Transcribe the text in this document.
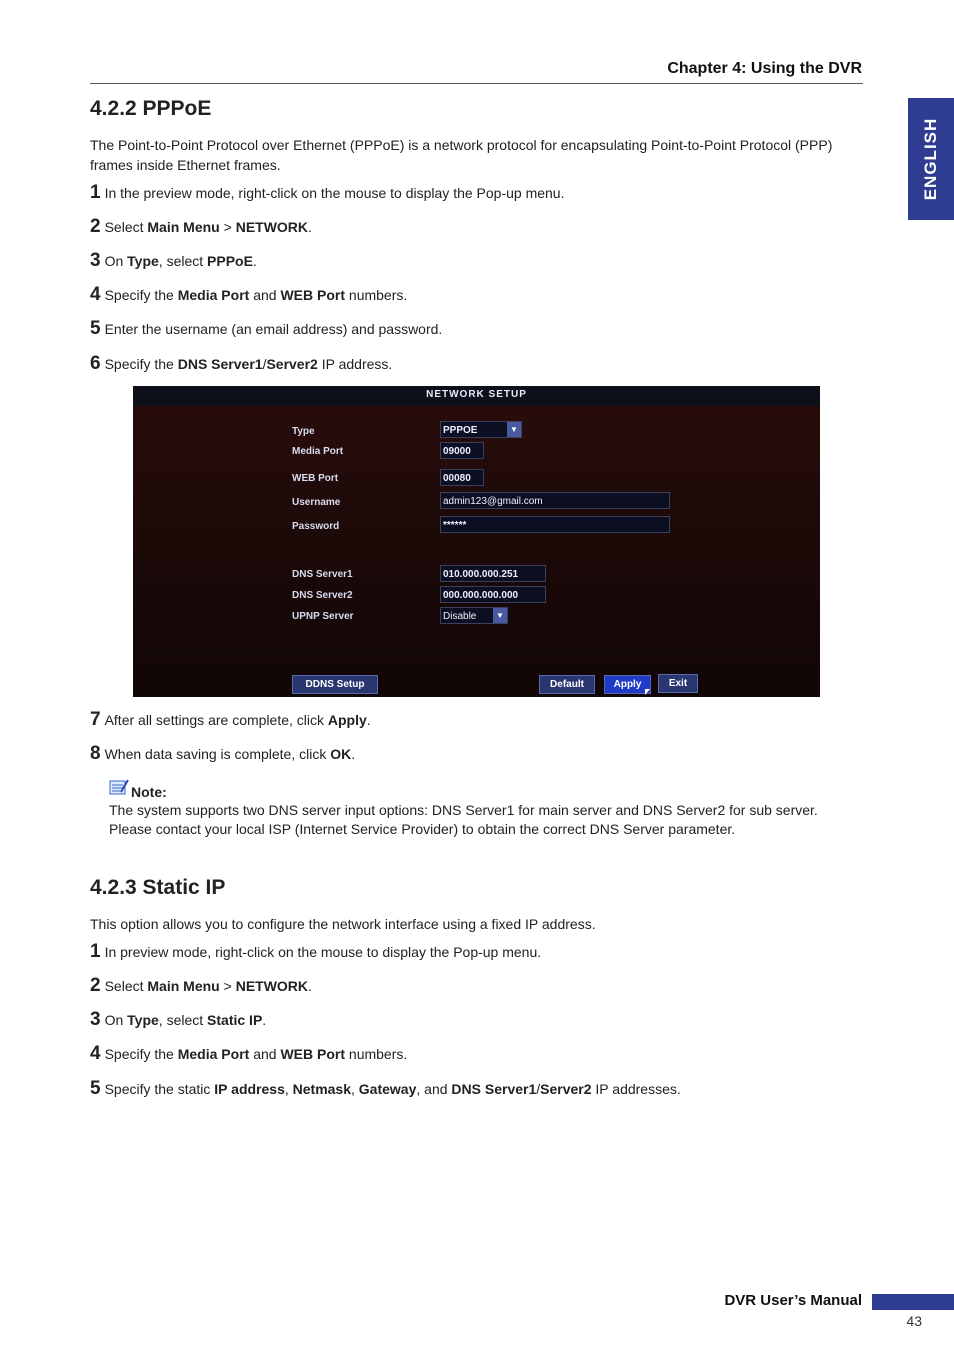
Chapter 4: Using the DVR
ENGLISH
4.2.2 PPPoE
The Point-to-Point Protocol over Ethernet (PPPoE) is a network protocol for encapsulating Point-to-Point Protocol (PPP) frames inside Ethernet frames.
1 In the preview mode, right-click on the mouse to display the Pop-up menu.
2 Select Main Menu > NETWORK.
3 On Type, select PPPoE.
4 Specify the Media Port and WEB Port numbers.
5 Enter the username (an email address) and password.
6 Specify the DNS Server1/Server2 IP address.
NETWORK SETUP
Type	PPPOE	▼
Media Port	09000
WEB Port	00080
Username	admin123@gmail.com
Password	******
DNS Server1	010.000.000.251
DNS Server2	000.000.000.000
UPNP Server	Disable	▼
DDNS Setup	Default	Apply	Exit
7 After all settings are complete, click Apply.
8 When data saving is complete, click OK.
Note:
The system supports two DNS server input options: DNS Server1 for main server and DNS Server2 for sub server. Please contact your local ISP (Internet Service Provider) to obtain the correct DNS Server parameter.
4.2.3 Static IP
This option allows you to configure the network interface using a fixed IP address.
1 In preview mode, right-click on the mouse to display the Pop-up menu.
2 Select Main Menu > NETWORK.
3 On Type, select Static IP.
4 Specify the Media Port and WEB Port numbers.
5 Specify the static IP address, Netmask, Gateway, and DNS Server1/Server2 IP addresses.
DVR User’s Manual
43
